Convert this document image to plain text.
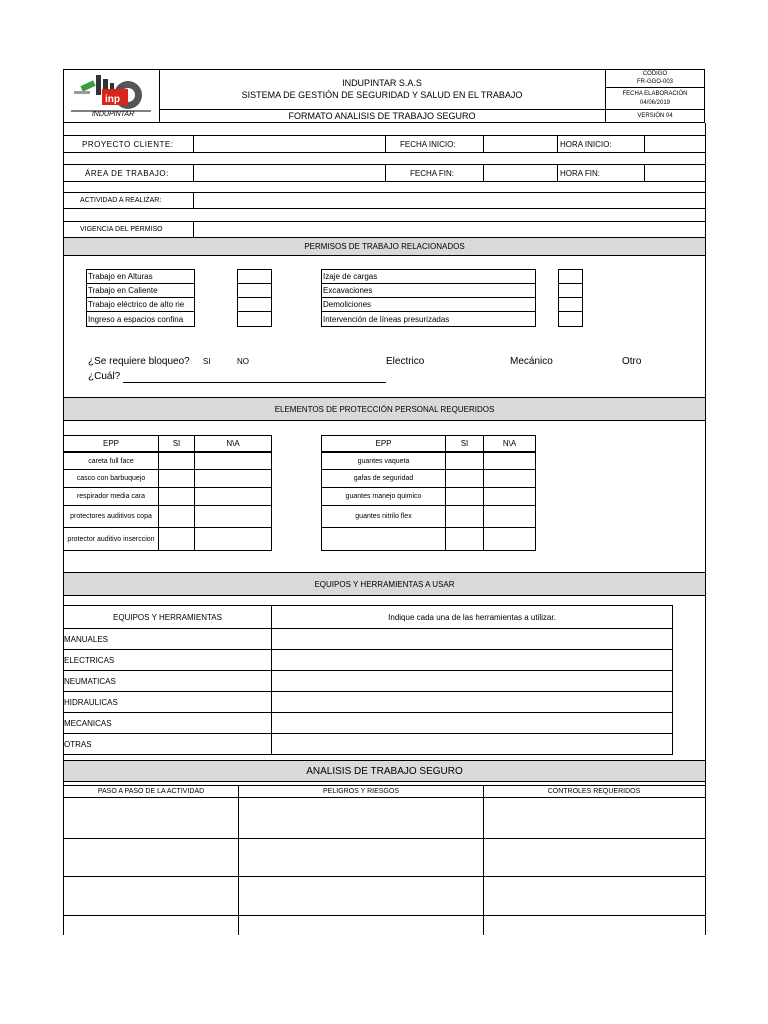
inp
INDUPINTAR
INDUPINTAR S.A.S
SISTEMA DE GESTIÓN DE SEGURIDAD Y SALUD EN EL TRABAJO
FORMATO ANALISIS DE TRABAJO SEGURO
CODIGO
FR-GGO-003
FECHA ELABORACIÓN
04/06/2019
VERSIÓN 04
PROYECTO CLIENTE:	FECHA INICIO:	HORA INICIO:
ÁREA DE TRABAJO:	FECHA FIN:	HORA FIN:
ACTIVIDAD A REALIZAR:
VIGENCIA DEL PERMISO
PERMISOS DE TRABAJO RELACIONADOS
Trabajo en Alturas
Trabajo en Caliente
Trabajo eléctrico de alto rie
Ingreso a espacios confina
Izaje de cargas
Excavaciones
Demoliciones
Intervención de líneas presurizadas
¿Se requiere bloqueo?	SI	NO	Electrico	Mecánico	Otro
¿Cuál?
ELEMENTOS DE PROTECCIÓN PERSONAL REQUERIDOS
EPP	SI	N\A
careta full face
casco con barbuquejo
respirador media cara
protectores auditivos copa
protector auditivo inserccion
EPP	SI	N\A
guantes vaqueta
gafas de seguridad
guantes manejo quimico
guantes nitrilo flex
EQUIPOS Y HERRAMIENTAS A USAR
EQUIPOS Y HERRAMIENTAS	Indique cada una de las herramientas a utilizar.
MANUALES
ELECTRICAS
NEUMATICAS
HIDRAULICAS
MECANICAS
OTRAS
ANALISIS DE TRABAJO SEGURO
PASO A PASO DE LA ACTIVIDAD	PELIGROS Y RIESGOS	CONTROLES REQUERIDOS
